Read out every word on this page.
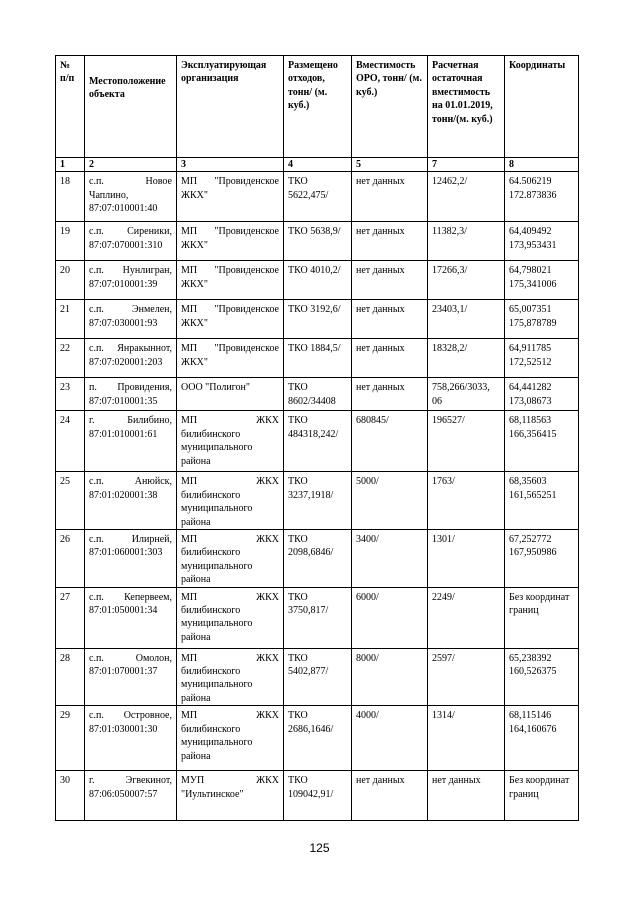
№ п/п	Местоположение объекта	Эксплуатирующая организация	Размещено отходов, тонн/ (м. куб.)	Вместимость ОРО, тонн/ (м. куб.)	Расчетная остаточная вместимость на 01.01.2019, тонн/(м. куб.)	Координаты
1	2	3	4	5	7	8
18	с.п. Новое Чаплино, 87:07:010001:40	МП "Провиденское ЖКХ"	ТКО 5622,475/	нет данных	12462,2/	64.506219 172.873836
19	с.п. Сиреники, 87:07:070001:310	МП "Провиденское ЖКХ"	ТКО 5638,9/	нет данных	11382,3/	64,409492 173,953431
20	с.п. Нунлигран, 87:07:010001:39	МП "Провиденское ЖКХ"	ТКО 4010,2/	нет данных	17266,3/	64,798021 175,341006
21	с.п. Энмелен, 87:07:030001:93	МП "Провиденское ЖКХ"	ТКО 3192,6/	нет данных	23403,1/	65,007351 175,878789
22	с.п. Янракыннот, 87:07:020001:203	МП "Провиденское ЖКХ"	ТКО 1884,5/	нет данных	18328,2/	64,911785 172,52512
23	п. Провидения, 87:07:010001:35	ООО "Полигон"	ТКО 8602/34408	нет данных	758,266/3033, 06	64,441282 173,08673
24	г. Билибино, 87:01:010001:61	МП ЖКХ билибинского муниципального района	ТКО 484318,242/	680845/	196527/	68,118563 166,356415
25	с.п. Анюйск, 87:01:020001:38	МП ЖКХ билибинского муниципального района	ТКО 3237,1918/	5000/	1763/	68,35603 161,565251
26	с.п. Илирней, 87:01:060001:303	МП ЖКХ билибинского муниципального района	ТКО 2098,6846/	3400/	1301/	67,252772 167,950986
27	с.п. Кепервеем, 87:01:050001:34	МП ЖКХ билибинского муниципального района	ТКО 3750,817/	6000/	2249/	Без координат границ
28	с.п. Омолон, 87:01:070001:37	МП ЖКХ билибинского муниципального района	ТКО 5402,877/	8000/	2597/	65,238392 160,526375
29	с.п. Островное, 87:01:030001:30	МП ЖКХ билибинского муниципального района	ТКО 2686,1646/	4000/	1314/	68,115146 164,160676
30	г. Эгвекинот, 87:06:050007:57	МУП ЖКХ "Иультинское"	ТКО 109042,91/	нет данных	нет данных	Без координат границ
125
